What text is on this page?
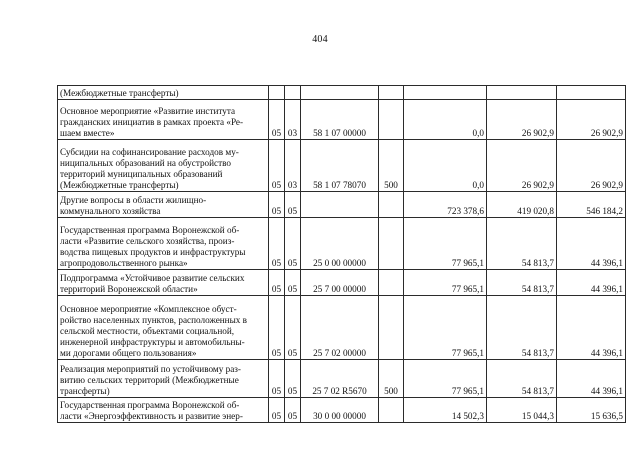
404
(Межбюджетные трансферты)							

Основное мероприятие «Развитие института
гражданских инициатив в рамках проекта «Ре-
шаем вместе»	05	03	58 1 07 00000		0,0	26 902,9	26 902,9

Субсидии на софинансирование расходов му-
ниципальных образований на обустройство
территорий муниципальных образований
(Межбюджетные трансферты)	05	03	58 1 07 78070	500	0,0	26 902,9	26 902,9

Другие вопросы в области жилищно-
коммунального хозяйства	05	05			723 378,6	419 020,8	546 184,2

Государственная программа Воронежской об-
ласти «Развитие сельского хозяйства, произ-
водства пищевых продуктов и инфраструктуры
агропродовольственного рынка»	05	05	25 0 00 00000		77 965,1	54 813,7	44 396,1

Подпрограмма «Устойчивое развитие сельских
территорий Воронежской области»	05	05	25 7 00 00000		77 965,1	54 813,7	44 396,1

Основное мероприятие «Комплексное обуст-
ройство населенных пунктов, расположенных в
сельской местности, объектами социальной,
инженерной инфраструктуры и автомобильны-
ми дорогами общего пользования»	05	05	25 7 02 00000		77 965,1	54 813,7	44 396,1

Реализация мероприятий по устойчивому раз-
витию сельских территорий (Межбюджетные
трансферты)	05	05	25 7 02 R5670	500	77 965,1	54 813,7	44 396,1

Государственная программа Воронежской об-
ласти «Энергоэффективность и развитие энер-	05	05	30 0 00 00000		14 502,3	15 044,3	15 636,5
